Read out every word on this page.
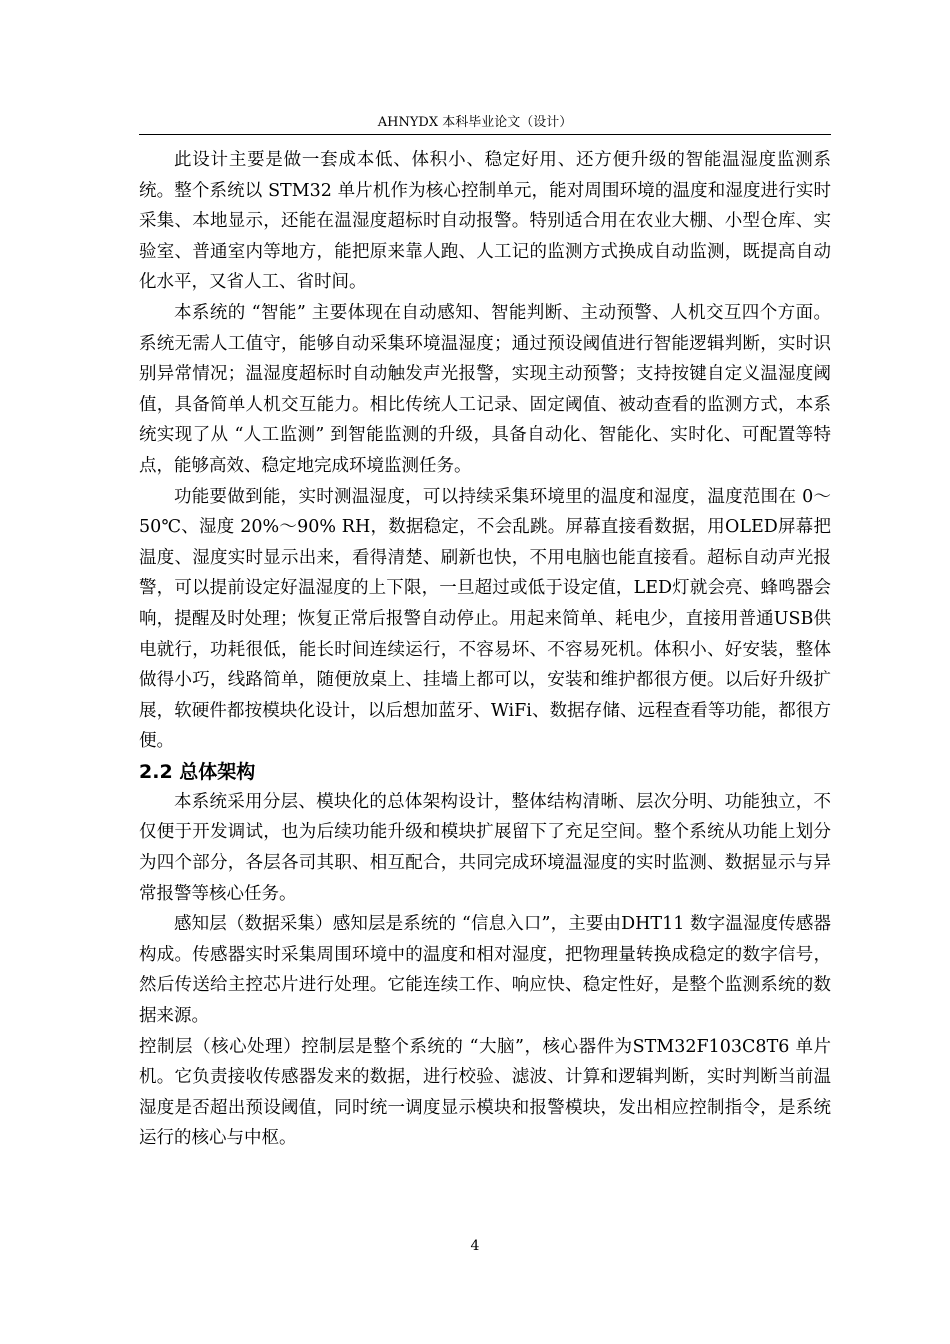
AHNYDX 本科毕业论文（设计）

此设计主要是做一套成本低、体积小、稳定好用、还方便升级的智能温湿度监测系统。整个系统以 STM32 单片机作为核心控制单元，能对周围环境的温度和湿度进行实时采集、本地显示，还能在温湿度超标时自动报警。特别适合用在农业大棚、小型仓库、实验室、普通室内等地方，能把原来靠人跑、人工记的监测方式换成自动监测，既提高自动化水平，又省人工、省时间。

本系统的 “智能” 主要体现在自动感知、智能判断、主动预警、人机交互四个方面。系统无需人工值守，能够自动采集环境温湿度；通过预设阈值进行智能逻辑判断，实时识别异常情况；温湿度超标时自动触发声光报警，实现主动预警；支持按键自定义温湿度阈值，具备简单人机交互能力。相比传统人工记录、固定阈值、被动查看的监测方式，本系统实现了从 “人工监测” 到智能监测的升级，具备自动化、智能化、实时化、可配置等特点，能够高效、稳定地完成环境监测任务。

功能要做到能，实时测温湿度，可以持续采集环境里的温度和湿度，温度范围在 0～50℃、湿度 20%～90% RH，数据稳定，不会乱跳。屏幕直接看数据，用OLED屏幕把温度、湿度实时显示出来，看得清楚、刷新也快，不用电脑也能直接看。超标自动声光报警，可以提前设定好温湿度的上下限，一旦超过或低于设定值，LED灯就会亮、蜂鸣器会响，提醒及时处理；恢复正常后报警自动停止。用起来简单、耗电少，直接用普通USB供电就行，功耗很低，能长时间连续运行，不容易坏、不容易死机。体积小、好安装，整体做得小巧，线路简单，随便放桌上、挂墙上都可以，安装和维护都很方便。以后好升级扩展，软硬件都按模块化设计，以后想加蓝牙、WiFi、数据存储、远程查看等功能，都很方便。

2.2 总体架构

本系统采用分层、模块化的总体架构设计，整体结构清晰、层次分明、功能独立，不仅便于开发调试，也为后续功能升级和模块扩展留下了充足空间。整个系统从功能上划分为四个部分，各层各司其职、相互配合，共同完成环境温湿度的实时监测、数据显示与异常报警等核心任务。

感知层（数据采集）感知层是系统的 “信息入口”，主要由DHT11 数字温湿度传感器构成。传感器实时采集周围环境中的温度和相对湿度，把物理量转换成稳定的数字信号，然后传送给主控芯片进行处理。它能连续工作、响应快、稳定性好，是整个监测系统的数据来源。

控制层（核心处理）控制层是整个系统的 “大脑”，核心器件为STM32F103C8T6 单片机。它负责接收传感器发来的数据，进行校验、滤波、计算和逻辑判断，实时判断当前温湿度是否超出预设阈值，同时统一调度显示模块和报警模块，发出相应控制指令，是系统运行的核心与中枢。

4
